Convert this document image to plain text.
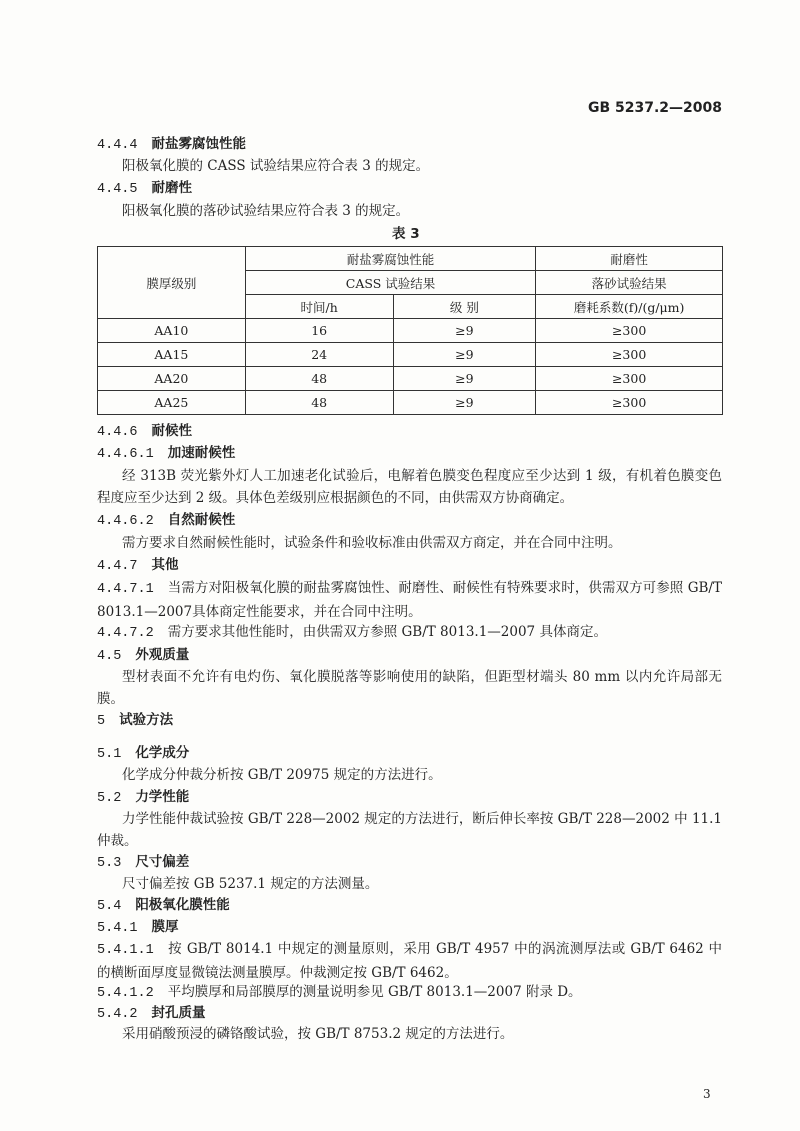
GB 5237.2—2008
4.4.4 耐盐雾腐蚀性能
阳极氧化膜的 CASS 试验结果应符合表 3 的规定。
4.4.5 耐磨性
阳极氧化膜的落砂试验结果应符合表 3 的规定。
表 3
膜厚级别	耐盐雾腐蚀性能		耐磨性
	CASS 试验结果		落砂试验结果
	时间/h	级 别	磨耗系数(f)/(g/μm)
AA10	16	≥9	≥300
AA15	24	≥9	≥300
AA20	48	≥9	≥300
AA25	48	≥9	≥300
4.4.6 耐候性
4.4.6.1 加速耐候性
经 313B 荧光紫外灯人工加速老化试验后，电解着色膜变色程度应至少达到 1 级，有机着色膜变色程度应至少达到 2 级。具体色差级别应根据颜色的不同，由供需双方协商确定。
4.4.6.2 自然耐候性
需方要求自然耐候性能时，试验条件和验收标准由供需双方商定，并在合同中注明。
4.4.7 其他
4.4.7.1 当需方对阳极氧化膜的耐盐雾腐蚀性、耐磨性、耐候性有特殊要求时，供需双方可参照 GB/T 8013.1—2007具体商定性能要求，并在合同中注明。
4.4.7.2 需方要求其他性能时，由供需双方参照 GB/T 8013.1—2007 具体商定。
4.5 外观质量
型材表面不允许有电灼伤、氧化膜脱落等影响使用的缺陷，但距型材端头 80 mm 以内允许局部无膜。
5 试验方法
5.1 化学成分
化学成分仲裁分析按 GB/T 20975 规定的方法进行。
5.2 力学性能
力学性能仲裁试验按 GB/T 228—2002 规定的方法进行，断后伸长率按 GB/T 228—2002 中 11.1 仲裁。
5.3 尺寸偏差
尺寸偏差按 GB 5237.1 规定的方法测量。
5.4 阳极氧化膜性能
5.4.1 膜厚
5.4.1.1 按 GB/T 8014.1 中规定的测量原则，采用 GB/T 4957 中的涡流测厚法或 GB/T 6462 中的横断面厚度显微镜法测量膜厚。仲裁测定按 GB/T 6462。
5.4.1.2 平均膜厚和局部膜厚的测量说明参见 GB/T 8013.1—2007 附录 D。
5.4.2 封孔质量
采用硝酸预浸的磷铬酸试验，按 GB/T 8753.2 规定的方法进行。
3
